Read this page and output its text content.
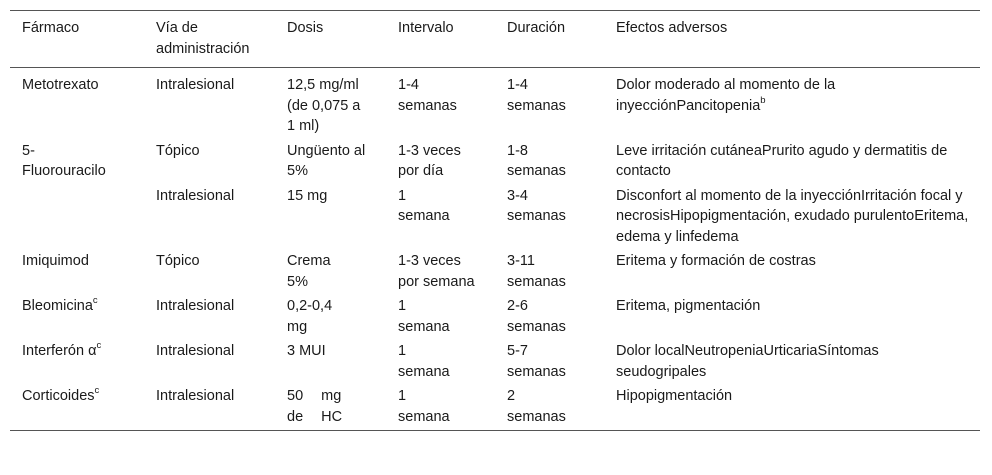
Fármaco	Vía de administración	Dosis	Intervalo	Duración	Efectos adversos
Metotrexato	Intralesional	12,5 mg/ml (de 0,075 a 1 ml)	1-4 semanas	1-4 semanas	Dolor moderado al momento de la inyecciónPancitopenia$^b$
5-Fluorouracilo	Tópico	Ungüento al 5%	1-3 veces por día	1-8 semanas	Leve irritación cutáneaPrurito agudo y dermatitis de contacto
	Intralesional	15 mg	1 semana	3-4 semanas	Disconfort al momento de la inyecciónIrritación focal y necrosisHipopigmentación, exudado purulentoEritema, edema y linfedema
Imiquimod	Tópico	Crema 5%	1-3 veces por semana	3-11 semanas	Eritema y formación de costras
Bleomicina$^c$	Intralesional	0,2-0,4 mg	1 semana	2-6 semanas	Eritema, pigmentación
Interferón $\alpha^c$	Intralesional	3 MUI	1 semana	5-7 semanas	Dolor localNeutropeniaUrticariaSíntomas seudogripales
Corticoides$^c$	Intralesional	50 mg de HC	1 semana	2 semanas	Hipopigmentación
